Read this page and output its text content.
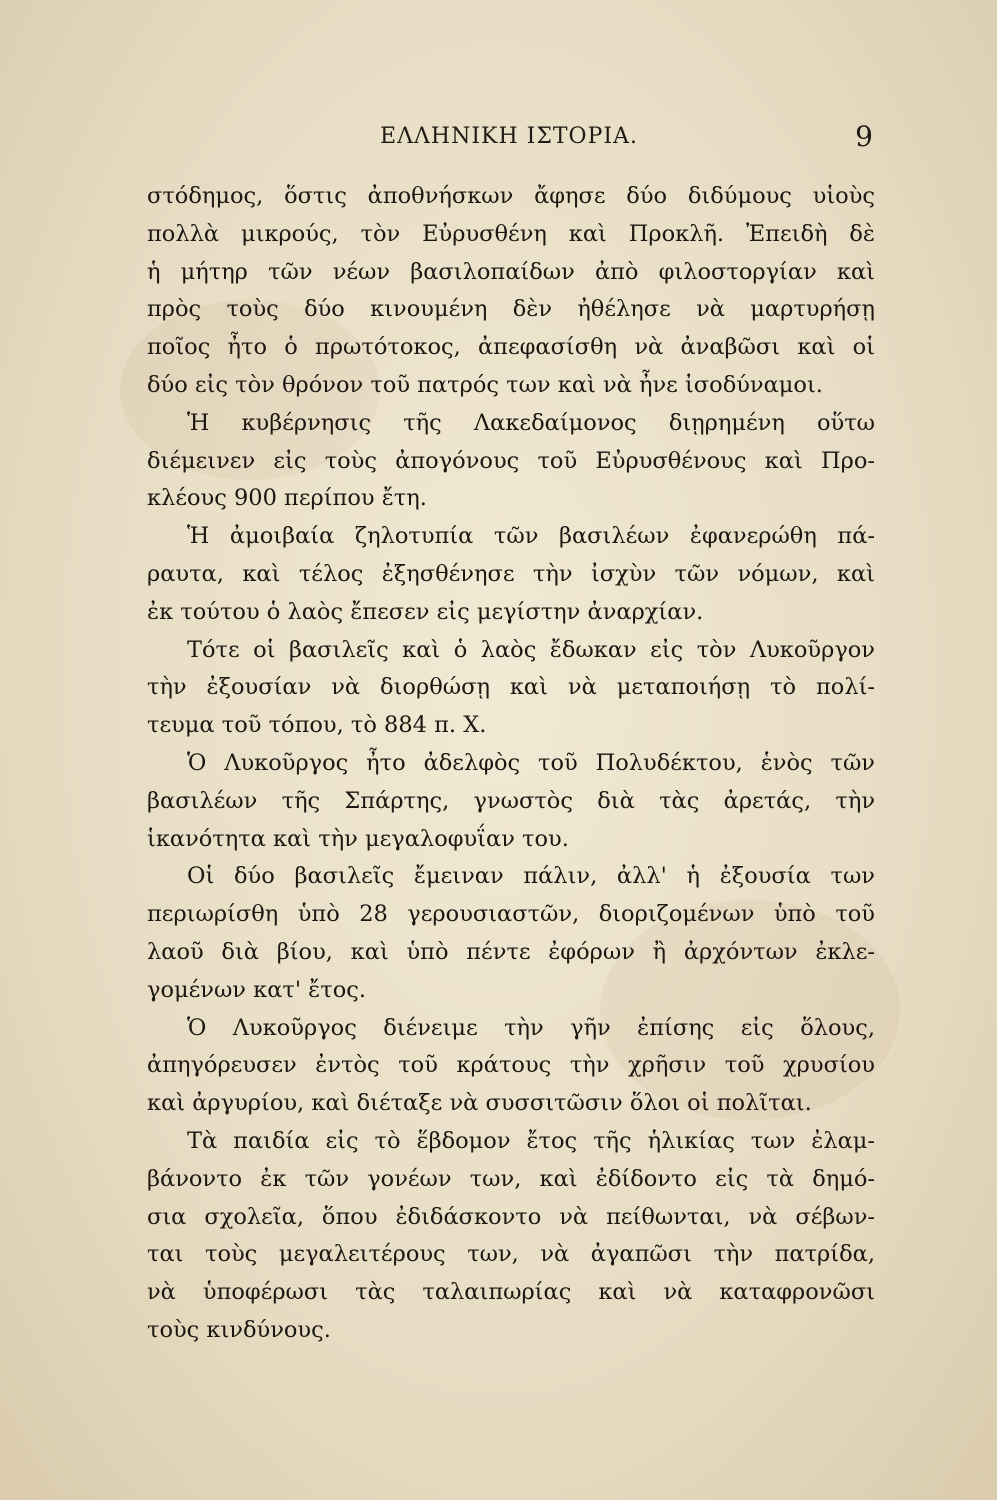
ΕΛΛΗΝΙΚΗ ΙΣΤΟΡΙΑ.	9
στόδημος, ὅστις ἀποθνήσκων ἄφησε δύο διδύμους υἱοὺς
πολλὰ μικρούς, τὸν Εὐρυσθένη καὶ Προκλῆ. Ἐπειδὴ δὲ
ἡ μήτηρ τῶν νέων βασιλοπαίδων ἀπὸ φιλοστοργίαν καὶ
πρὸς τοὺς δύο κινουμένη δὲν ἠθέλησε νὰ μαρτυρήσῃ
ποῖος ἦτο ὁ πρωτότοκος, ἀπεφασίσθη νὰ ἀναβῶσι καὶ οἱ
δύο εἰς τὸν θρόνον τοῦ πατρός των καὶ νὰ ἦνε ἰσοδύναμοι.
Ἡ κυβέρνησις τῆς Λακεδαίμονος διῃρημένη οὕτω
διέμεινεν εἰς τοὺς ἀπογόνους τοῦ Εὐρυσθένους καὶ Προ-
κλέους 900 περίπου ἔτη.
Ἡ ἀμοιβαία ζηλοτυπία τῶν βασιλέων ἐφανερώθη πά-
ραυτα, καὶ τέλος ἐξησθένησε τὴν ἰσχὺν τῶν νόμων, καὶ
ἐκ τούτου ὁ λαὸς ἔπεσεν εἰς μεγίστην ἀναρχίαν.
Τότε οἱ βασιλεῖς καὶ ὁ λαὸς ἔδωκαν εἰς τὸν Λυκοῦργον
τὴν ἐξουσίαν νὰ διορθώσῃ καὶ νὰ μεταποιήσῃ τὸ πολί-
τευμα τοῦ τόπου, τὸ 884 π. Χ.
Ὁ Λυκοῦργος ἦτο ἀδελφὸς τοῦ Πολυδέκτου, ἑνὸς τῶν
βασιλέων τῆς Σπάρτης, γνωστὸς διὰ τὰς ἀρετάς, τὴν
ἱκανότητα καὶ τὴν μεγαλοφυΐαν του.
Οἱ δύο βασιλεῖς ἔμειναν πάλιν, ἀλλ' ἡ ἐξουσία των
περιωρίσθη ὑπὸ 28 γερουσιαστῶν, διοριζομένων ὑπὸ τοῦ
λαοῦ διὰ βίου, καὶ ὑπὸ πέντε ἐφόρων ἢ ἀρχόντων ἐκλε-
γομένων κατ' ἔτος.
Ὁ Λυκοῦργος διένειμε τὴν γῆν ἐπίσης εἰς ὅλους,
ἀπηγόρευσεν ἐντὸς τοῦ κράτους τὴν χρῆσιν τοῦ χρυσίου
καὶ ἀργυρίου, καὶ διέταξε νὰ συσσιτῶσιν ὅλοι οἱ πολῖται.
Τὰ παιδία εἰς τὸ ἕβδομον ἔτος τῆς ἡλικίας των ἐλαμ-
βάνοντο ἐκ τῶν γονέων των, καὶ ἐδίδοντο εἰς τὰ δημό-
σια σχολεῖα, ὅπου ἐδιδάσκοντο νὰ πείθωνται, νὰ σέβων-
ται τοὺς μεγαλειτέρους των, νὰ ἀγαπῶσι τὴν πατρίδα,
νὰ ὑποφέρωσι τὰς ταλαιπωρίας καὶ νὰ καταφρονῶσι
τοὺς κινδύνους.
